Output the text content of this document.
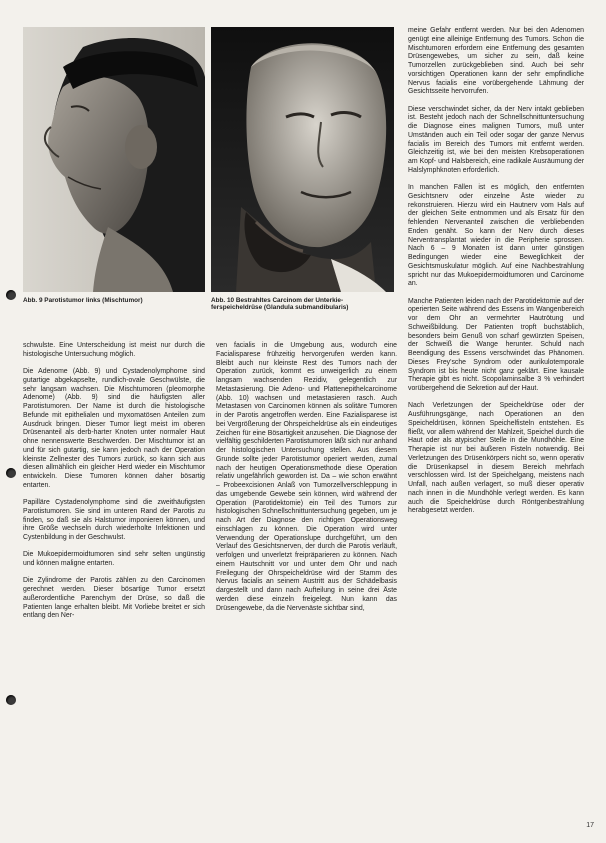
Abb. 9 Parotistumor links (Mischtumor)	Abb. 10 Bestrahltes Carcinom der Unterkie-
ferspeicheldrüse (Glandula submandibularis)

schwulste. Eine Unterscheidung ist meist nur durch die histologische Untersuchung möglich.

Die Adenome (Abb. 9) und Cystadenolymphome sind gutartige abgekapselte, rundlich-ovale Geschwülste, die sehr langsam wachsen. Die Mischtumoren (pleomorphe Adenome) (Abb. 9) sind die häufigsten aller Parotistumoren. Der Name ist durch die histologische Befunde mit epithelialen und myxomatösen Anteilen zum Ausdruck bringen. Dieser Tumor liegt meist im oberen Drüsenanteil als derb-harter Knoten unter normaler Haut ohne nennenswerte Beschwerden. Der Mischtumor ist an und für sich gutartig, sie kann jedoch nach der Operation kleinste Zellnester des Tumors zurück, so kann sich aus diesen allmählich ein gleicher Herd wieder ein Mischtumor entwickeln. Diese Tumoren können daher bösartig entarten.

Papilläre Cystadenolymphome sind die zweithäufigsten Parotistumoren. Sie sind im unteren Rand der Parotis zu finden, so daß sie als Halstumor imponieren können, und ihre Größe wechseln durch wiederholte Infektionen und Cystenbildung in der Geschwulst.

Die Mukoepidermoidtumoren sind sehr selten ungünstig und können maligne entarten.

Die Zylindrome der Parotis zählen zu den Carcinomen gerechnet werden. Dieser bösartige Tumor ersetzt außerordentliche Parenchym der Drüse, so daß die Patienten lange erhalten bleibt. Mit Vorliebe breitet er sich entlang den Ner-

ven facialis in die Umgebung aus, wodurch eine Facialisparese frühzeitig hervorgerufen werden kann. Bleibt auch nur kleinste Rest des Tumors nach der Operation zurück, kommt es unweigerlich zu einem langsam wachsenden Rezidiv, gelegentlich zur Metastasierung. Die Adeno- und Plattenepithelcarcinome (Abb. 10) wachsen und metastasieren rasch. Auch Metastasen von Carcinomen können als solitäre Tumoren in der Parotis angetroffen werden. Eine Fazialisparese ist bei Vergrößerung der Ohrspeicheldrüse als ein eindeutiges Zeichen für eine Bösartigkeit anzusehen. Die Diagnose der vielfältig geschilderten Parotistumoren läßt sich nur anhand der histologischen Untersuchung stellen. Aus diesem Grunde sollte jeder Parotistumor operiert werden, zumal nach der heutigen Operationsmethode diese Operation relativ ungefährlich geworden ist. Da – wie schon erwähnt – Probeexcisionen Anlaß von Tumorzellverschleppung in das umgebende Gewebe sein können, wird während der Operation (Parotidektomie) ein Teil des Tumors zur histologischen Schnellschnittuntersuchung gegeben, um je nach Art der Diagnose den richtigen Operationsweg einschlagen zu können. Die Operation wird unter Verwendung der Operationslupe durchgeführt, um den Verlauf des Gesichtsnerven, der durch die Parotis verläuft, verfolgen und unverletzt freipräparieren zu können. Nach einem Hautschnitt vor und unter dem Ohr und nach Freilegung der Ohrspeicheldrüse wird der Stamm des Nervus facialis an seinem Austritt aus der Schädelbasis dargestellt und dann nach Aufteilung in seine drei Äste werden diese einzeln freigelegt. Nun kann das Drüsengewebe, da die Nervenäste sichtbar sind,

meine Gefahr entfernt werden. Nur bei den Adenomen genügt eine alleinige Entfernung des Tumors. Schon die Mischtumoren erfordern eine Entfernung des gesamten Drüsengewebes, um sicher zu sein, daß keine Tumorzellen zurückgeblieben sind. Auch bei sehr vorsichtigen Operationen kann der sehr empfindliche Nervus facialis eine vorübergehende Lähmung der Gesichtsseite hervorrufen.

Diese verschwindet sicher, da der Nerv intakt geblieben ist. Besteht jedoch nach der Schnellschnittuntersuchung die Diagnose eines malignen Tumors, muß unter Umständen auch ein Teil oder sogar der ganze Nervus facialis im Bereich des Tumors mit entfernt werden. Gleichzeitig ist, wie bei den meisten Krebsoperationen am Kopf- und Halsbereich, eine radikale Ausräumung der Halslymphknoten erforderlich.

In manchen Fällen ist es möglich, den entfernten Gesichtsnerv oder einzelne Äste wieder zu rekonstruieren. Hierzu wird ein Hautnerv vom Hals auf der gleichen Seite entnommen und als Ersatz für den fehlenden Nervenanteil zwischen die verbliebenden Enden genäht. So kann der Nerv durch dieses Nerventransplantat wieder in die Peripherie sprossen. Nach 6 – 9 Monaten ist dann unter günstigen Bedingungen wieder eine Beweglichkeit der Gesichtsmuskulatur möglich. Auf eine Nachbestrahlung spricht nur das Mukoepidermoidtumoren und Carcinome an.

Manche Patienten leiden nach der Parotidektomie auf der operierten Seite während des Essens im Wangenbereich vor dem Ohr an vermehrter Hautrötung und Schweißbildung. Der Patienten tropft buchstäblich, besonders beim Genuß von scharf gewürzten Speisen, der Schweiß die Wange herunter. Schuld nach Beendigung des Essens verschwindet das Phänomen. Dieses Frey'sche Syndrom oder aurikulotemporale Syndrom ist bis heute nicht ganz geklärt. Eine kausale Therapie gibt es nicht. Scopolaminsalbe 3 % verhindert vorübergehend die Sekretion auf der Haut.

Nach Verletzungen der Speicheldrüse oder der Ausführungsgänge, nach Operationen an den Speicheldrüsen, können Speichelfisteln entstehen. Es fließt, vor allem während der Mahlzeit, Speichel durch die Haut oder als atypischer Stelle in die Mundhöhle. Eine Therapie ist nur bei äußeren Fisteln notwendig. Bei Verletzungen des Drüsenkörpers nicht so, wenn operativ die Drüsenkapsel in diesem Bereich mehrfach verschlossen wird. Ist der Speichelgang, meistens nach Unfall, nach außen verlagert, so muß dieser operativ nach innen in die Mundhöhle verlegt werden. Es kann auch die Speicheldrüse durch Röntgenbestrahlung herabgesetzt werden.

17
